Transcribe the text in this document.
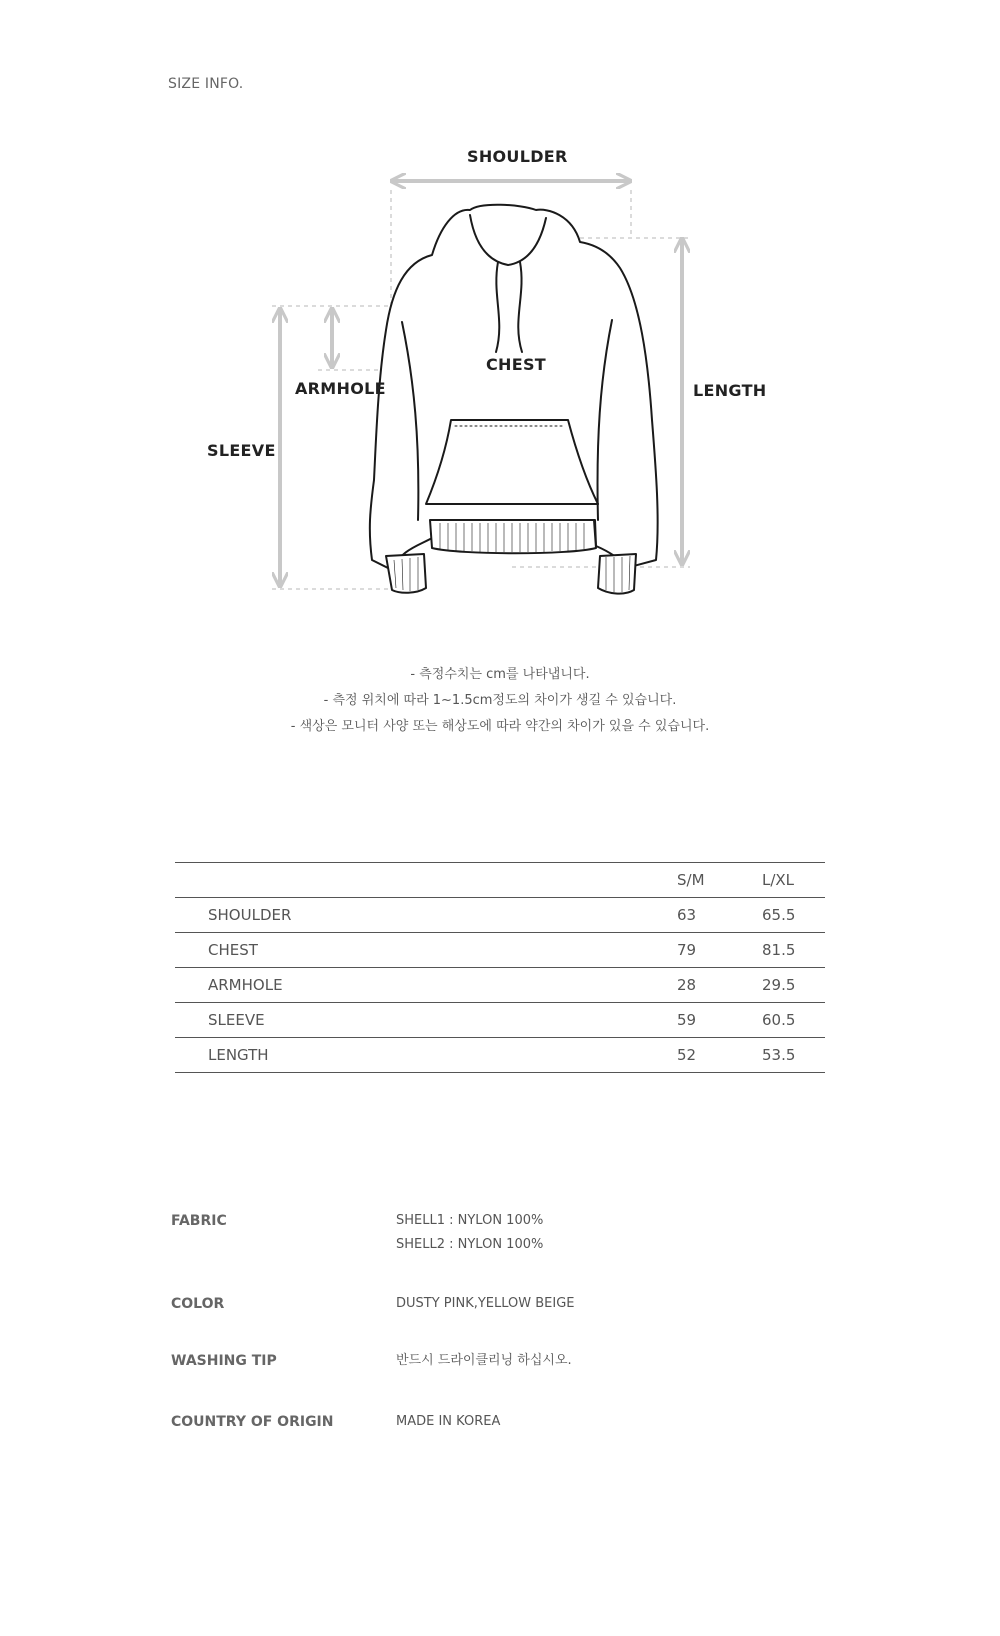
SIZE INFO.
SHOULDER
CHEST
ARMHOLE	LENGTH
SLEEVE
- 측정수치는 cm를 나타냅니다.
- 측정 위치에 따라 1~1.5cm정도의 차이가 생길 수 있습니다.
- 색상은 모니터 사양 또는 해상도에 따라 약간의 차이가 있을 수 있습니다.
	S/M	L/XL
SHOULDER	63	65.5
CHEST	79	81.5
ARMHOLE	28	29.5
SLEEVE	59	60.5
LENGTH	52	53.5
FABRIC	SHELL1 : NYLON 100%
SHELL2 : NYLON 100%
COLOR	DUSTY PINK,YELLOW BEIGE
WASHING TIP	반드시 드라이클리닝 하십시오.
COUNTRY OF ORIGIN	MADE IN KOREA
